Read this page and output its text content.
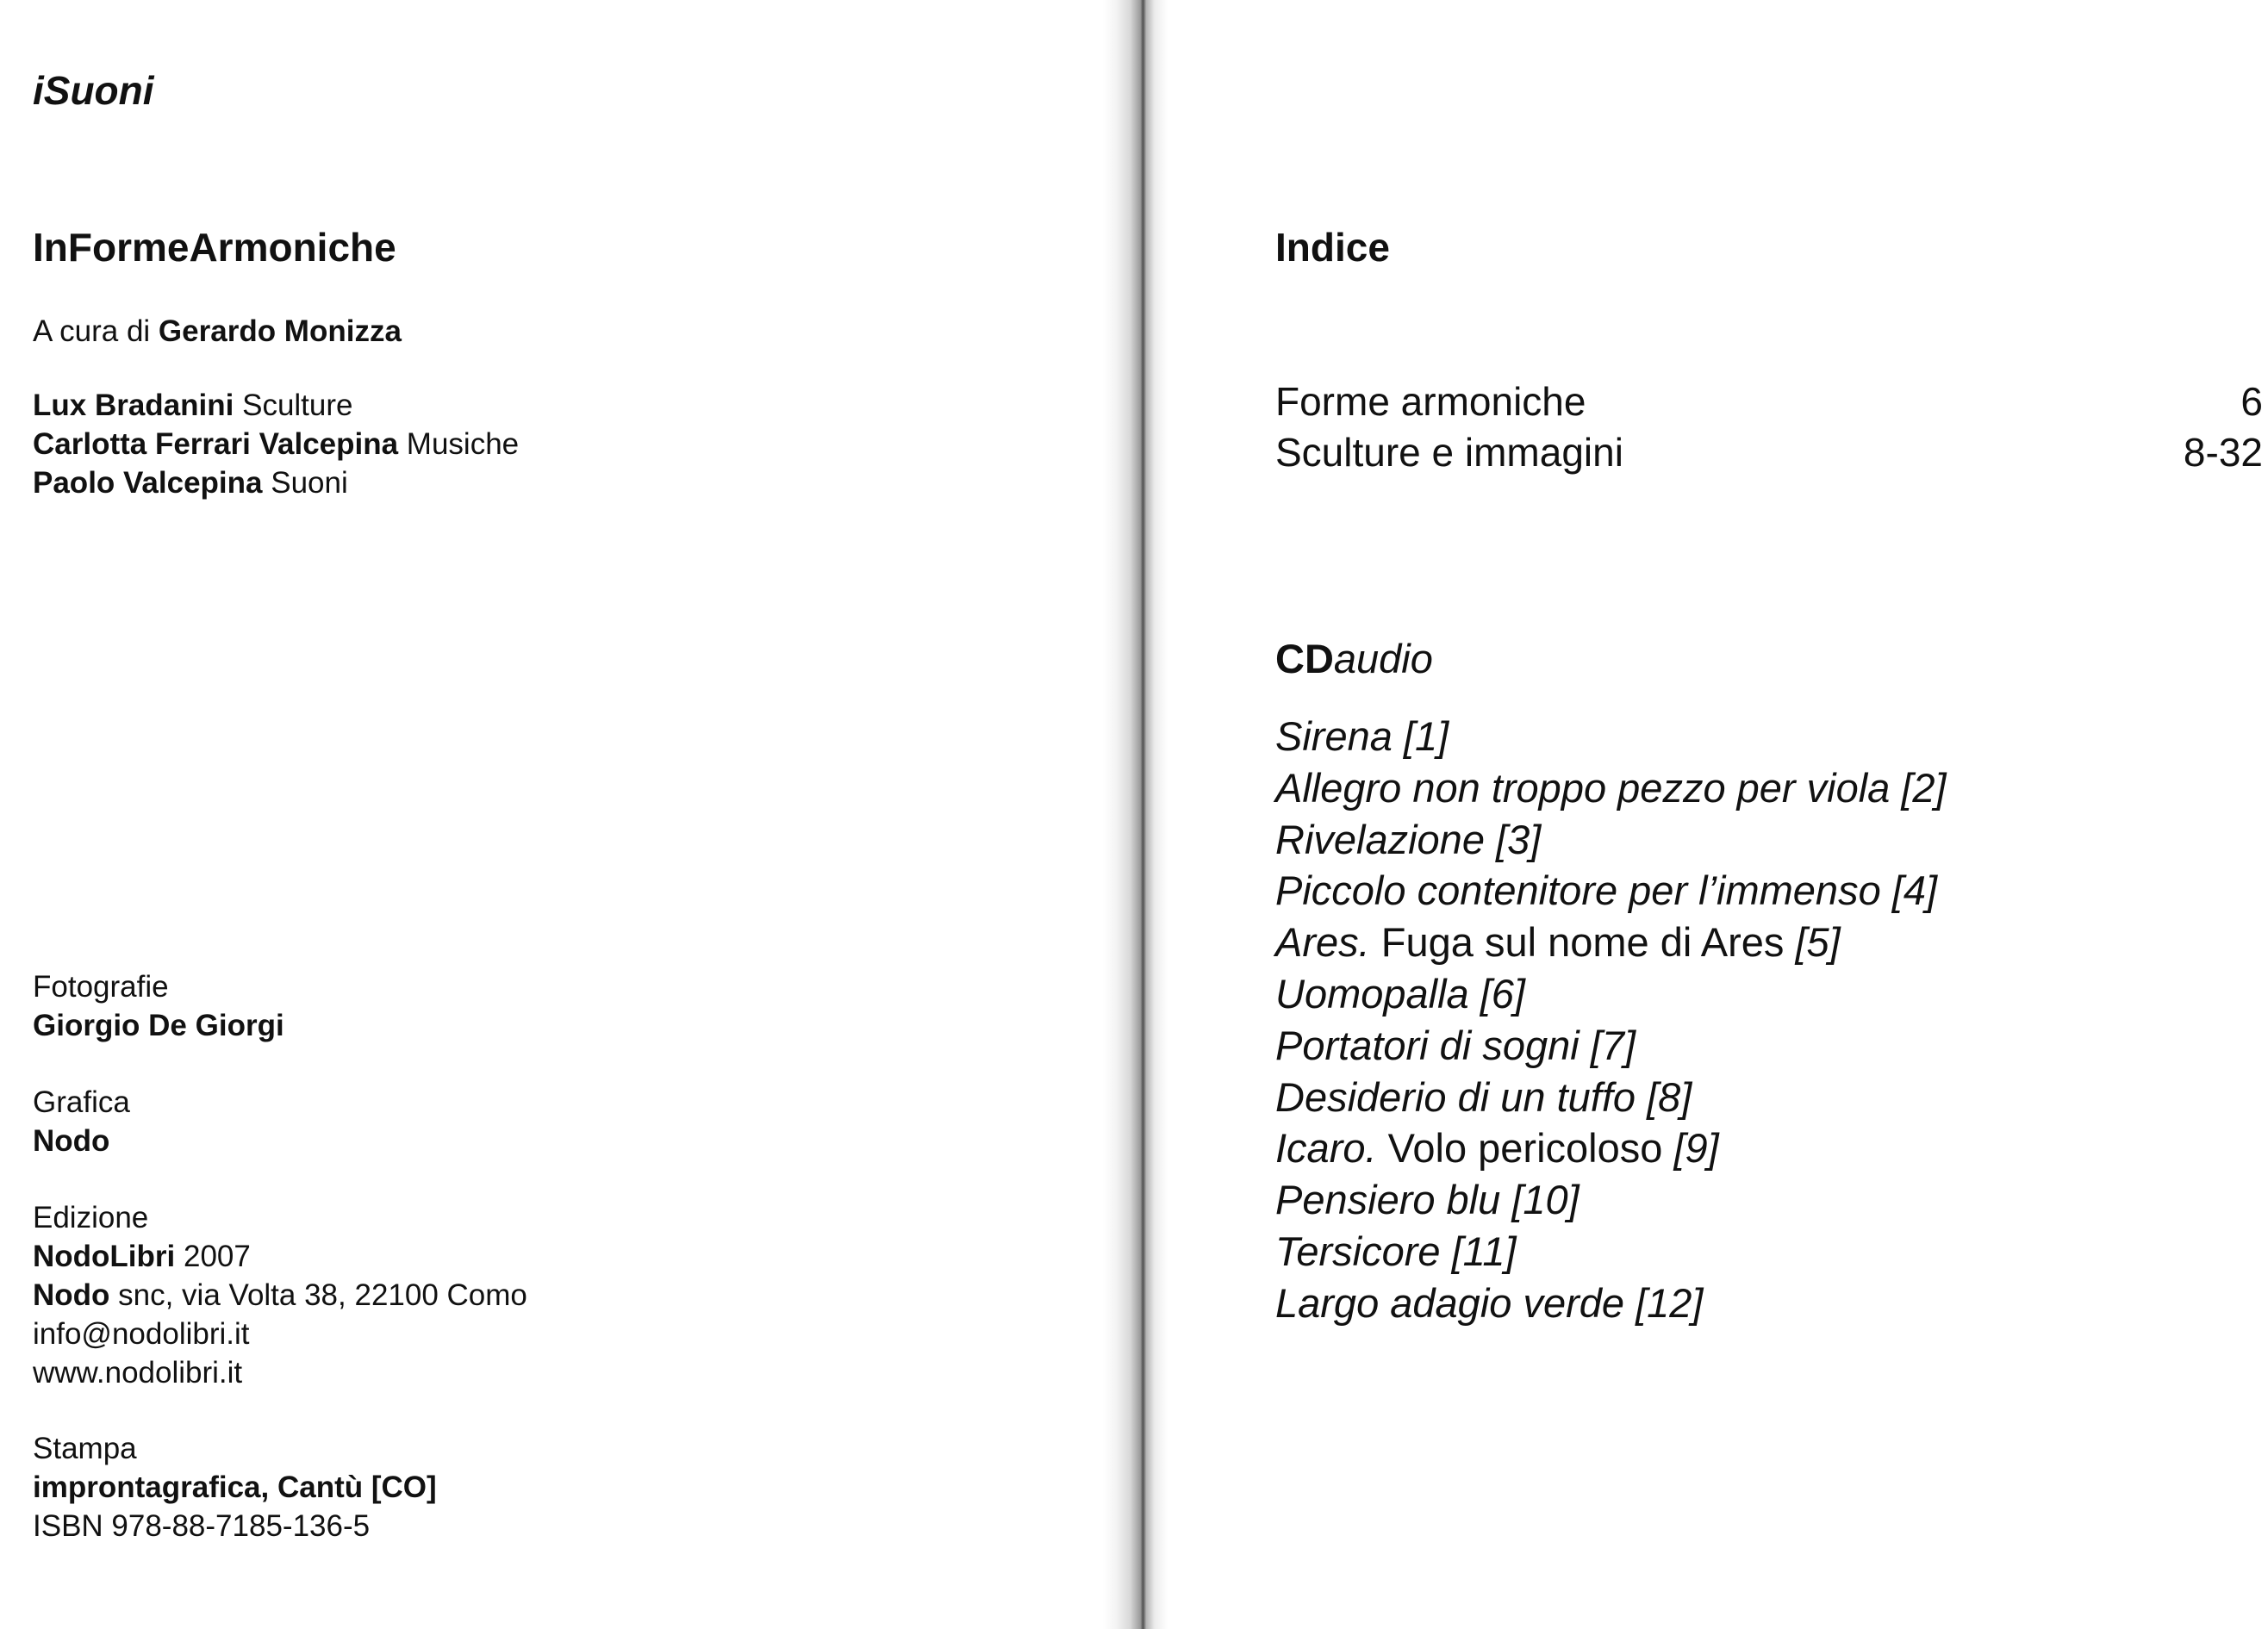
iSuoni
InFormeArmoniche
A cura di Gerardo Monizza
Lux Bradanini Sculture
Carlotta Ferrari Valcepina Musiche
Paolo Valcepina Suoni
Fotografie
Giorgio De Giorgi
Grafica
Nodo
Edizione
NodoLibri 2007
Nodo snc, via Volta 38, 22100 Como
info@nodolibri.it
www.nodolibri.it
Stampa
improntagrafica, Cantù [CO]
ISBN 978-88-7185-136-5
Indice
Forme armoniche	6
Sculture e immagini	8-32
CDaudio
Sirena [1]
Allegro non troppo pezzo per viola [2]
Rivelazione [3]
Piccolo contenitore per l’immenso [4]
Ares. Fuga sul nome di Ares [5]
Uomopalla [6]
Portatori di sogni [7]
Desiderio di un tuffo [8]
Icaro. Volo pericoloso [9]
Pensiero blu [10]
Tersicore [11]
Largo adagio verde [12]
